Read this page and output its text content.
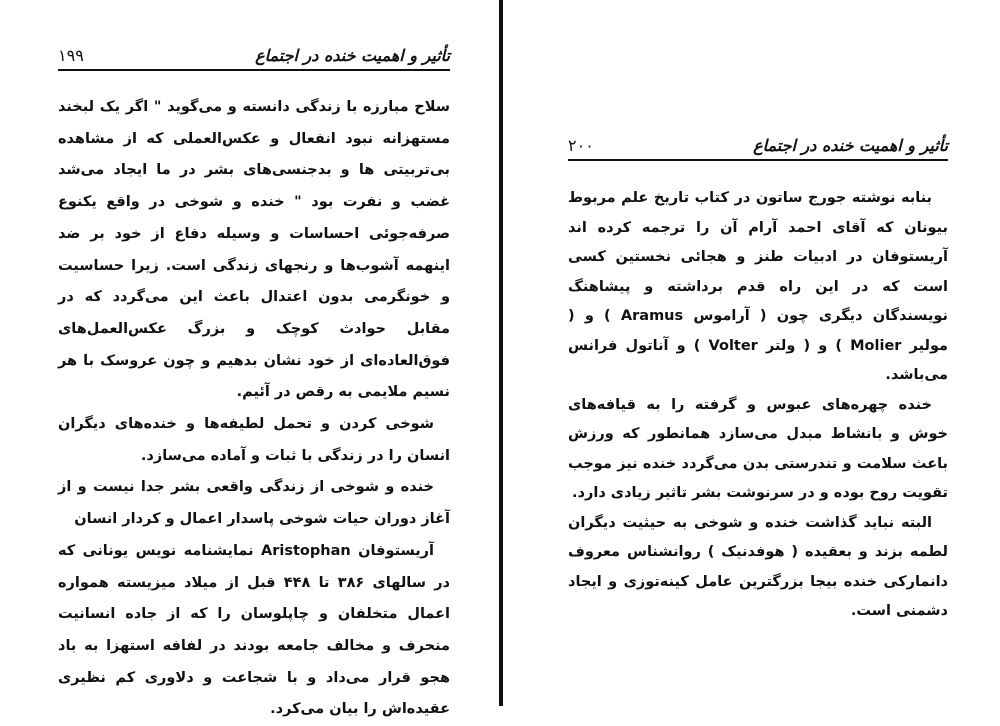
تأثیر و اهمیت خنده در اجتماع
۱۹۹

سلاح مبارزه با زندگی دانسته و می‌گوید " اگر یک لبخند مستهزانه نبود انفعال و عکس‌العملی که از مشاهده بی‌تربیتی ها و بدجنسی‌های بشر در ما ایجاد می‌شد غضب و نفرت بود " خنده و شوخی در واقع یکنوع صرفه‌جوئی احساسات و وسیله دفاع از خود بر ضد اینهمه آشوب‌ها و رنجهای زندگی است. زیرا حساسیت و خونگرمی بدون اعتدال باعث این می‌گردد که در مقابل حوادث کوچک و بزرگ عکس‌العمل‌های فوق‌العاده‌ای از خود نشان بدهیم و چون عروسک با هر نسیم ملایمی به رقص در آئیم.

شوخی کردن و تحمل لطیفه‌ها و خنده‌های دیگران انسان را در زندگی با ثبات و آماده می‌سازد.

خنده و شوخی از زندگی واقعی بشر جدا نیست و از آغاز دوران حیات شوخی پاسدار اعمال و کردار انسان

آریستوفان Aristophan نمایشنامه نویس یونانی که در سالهای ۳۸۶ تا ۴۴۸ قبل از میلاد میزیسته همواره اعمال متخلفان و چاپلوسان را که از جاده انسانیت منحرف و مخالف جامعه بودند در لفافه استهزا به باد هجو قرار می‌داد و با شجاعت و دلاوری کم نظیری عقیده‌اش را بیان می‌کرد.

تأثیر و اهمیت خنده در اجتماع
۲۰۰

بنابه نوشته جورج ساتون در کتاب تاریخ علم مربوط بیونان که آقای احمد آرام آن را ترجمه کرده اند آریستوفان در ادبیات طنز و هجائی نخستین کسی است که در این راه قدم برداشته و پیشاهنگ نویسندگان دیگری چون ( آراموس Aramus ) و ( مولیر Molier ) و ( ولتر Volter ) و آناتول فرانس می‌باشد.

خنده چهره‌های عبوس و گرفته را به قیافه‌های خوش و بانشاط مبدل می‌سازد همانطور که ورزش باعث سلامت و تندرستی بدن می‌گردد خنده نیز موجب تقویت روح بوده و در سرنوشت بشر تاثیر زیادی دارد.

البته نباید گذاشت خنده و شوخی به حیثیت دیگران لطمه بزند و بعقیده ( هوفدنیک ) روانشناس معروف دانمارکی خنده بیجا بزرگترین عامل کینه‌توزی و ایجاد دشمنی است.
